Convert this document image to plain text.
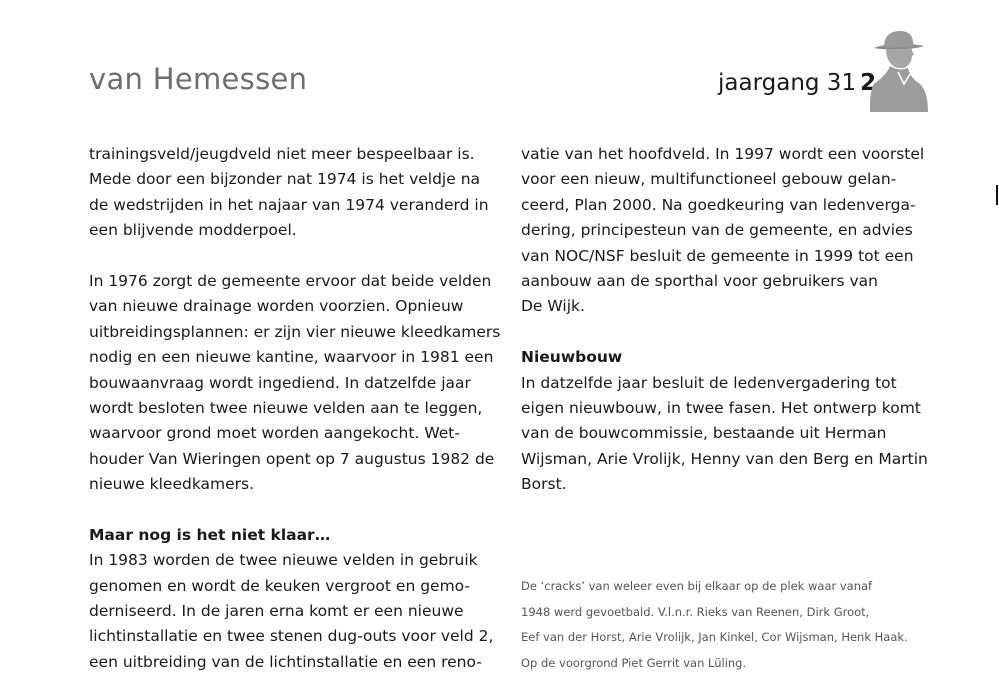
van Hemessen	jaargang 31 2
trainingsveld/jeugdveld niet meer bespeelbaar is.
Mede door een bijzonder nat 1974 is het veldje na
de wedstrijden in het najaar van 1974 veranderd in
een blijvende modderpoel.
In 1976 zorgt de gemeente ervoor dat beide velden
van nieuwe drainage worden voorzien. Opnieuw
uitbreidingsplannen: er zijn vier nieuwe kleedkamers
nodig en een nieuwe kantine, waarvoor in 1981 een
bouwaanvraag wordt ingediend. In datzelfde jaar
wordt besloten twee nieuwe velden aan te leggen,
waarvoor grond moet worden aangekocht. Wet-
houder Van Wieringen opent op 7 augustus 1982 de
nieuwe kleedkamers.
Maar nog is het niet klaar…
In 1983 worden de twee nieuwe velden in gebruik
genomen en wordt de keuken vergroot en gemo-
derniseerd. In de jaren erna komt er een nieuwe
lichtinstallatie en twee stenen dug-outs voor veld 2,
een uitbreiding van de lichtinstallatie en een reno-
vatie van het hoofdveld. In 1997 wordt een voorstel
voor een nieuw, multifunctioneel gebouw gelan-
ceerd, Plan 2000. Na goedkeuring van ledenverga-
dering, principesteun van de gemeente, en advies
van NOC/NSF besluit de gemeente in 1999 tot een
aanbouw aan de sporthal voor gebruikers van
De Wijk.
Nieuwbouw
In datzelfde jaar besluit de ledenvergadering tot
eigen nieuwbouw, in twee fasen. Het ontwerp komt
van de bouwcommissie, bestaande uit Herman
Wijsman, Arie Vrolijk, Henny van den Berg en Martin
Borst.
De ‘cracks’ van weleer even bij elkaar op de plek waar vanaf
1948 werd gevoetbald. V.l.n.r. Rieks van Reenen, Dirk Groot,
Eef van der Horst, Arie Vrolijk, Jan Kinkel, Cor Wijsman, Henk Haak.
Op de voorgrond Piet Gerrit van Lüling.
